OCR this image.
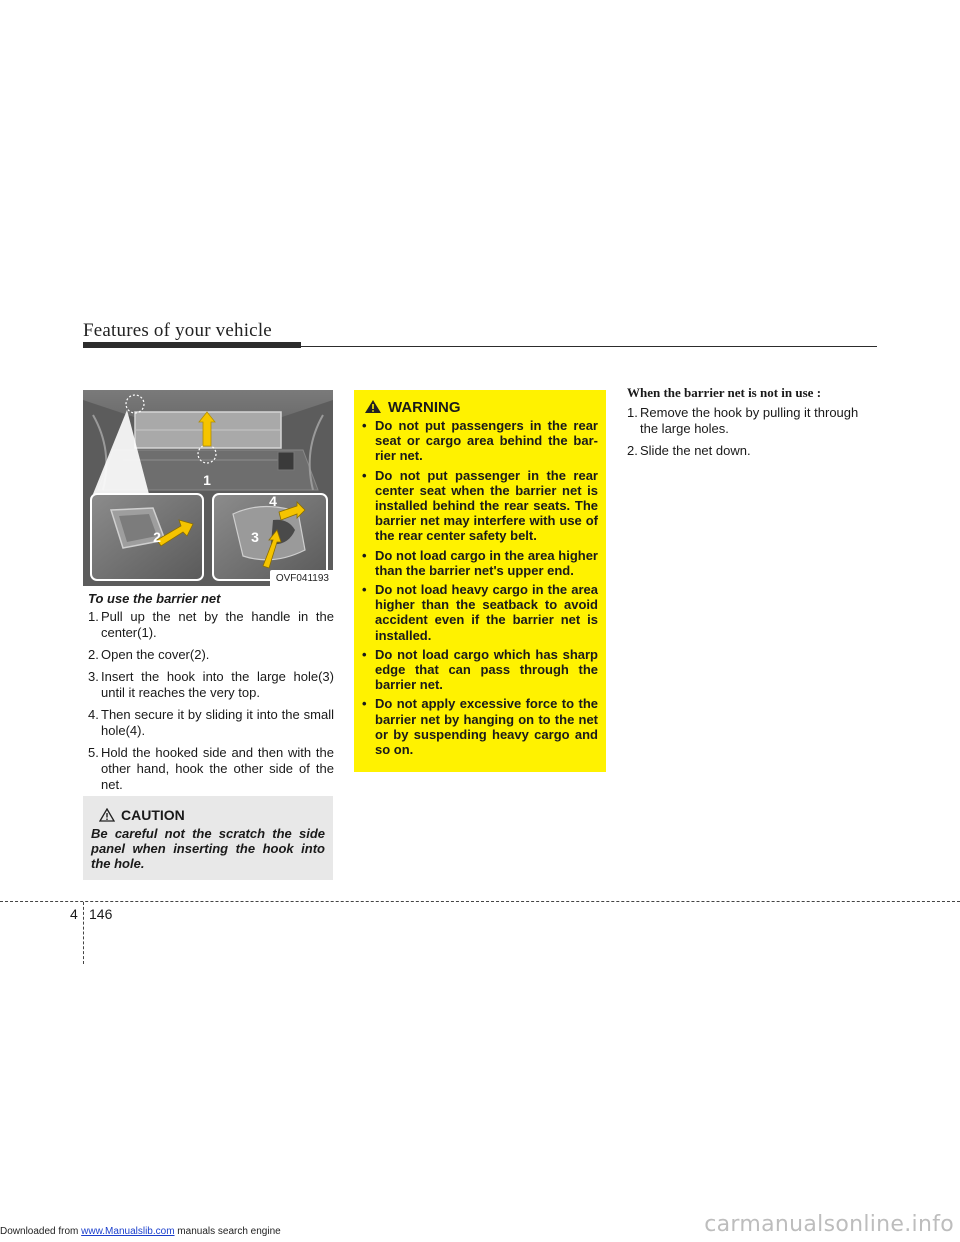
Features of your vehicle
1
2	3
4
OVF041193
To use the barrier net
1. Pull up the net by the handle in the center(1).
2. Open the cover(2).
3. Insert the hook into the large hole(3) until it reaches the very top.
4. Then secure it by sliding it into the small hole(4).
5. Hold the hooked side and then with the other hand, hook the other side of the net.
CAUTION
Be careful not the scratch the side panel when inserting the hook into the hole.
WARNING
• Do not put passengers in the rear seat or cargo area behind the bar-rier net.
• Do not put passenger in the rear center seat when the barrier net is installed behind the rear seats. The barrier net may interfere with use of the rear center safety belt.
• Do not load cargo in the area higher than the barrier net's upper end.
• Do not load heavy cargo in the area higher than the seatback to avoid accident even if the barrier net is installed.
• Do not load cargo which has sharp edge that can pass through the barrier net.
• Do not apply excessive force to the barrier net by hanging on to the net or by suspending heavy cargo and so on.
When the barrier net is not in use :
1. Remove the hook by pulling it through the large holes.
2. Slide the net down.
4 146
Downloaded from www.Manualslib.com manuals search engine	carmanualsonline.info
